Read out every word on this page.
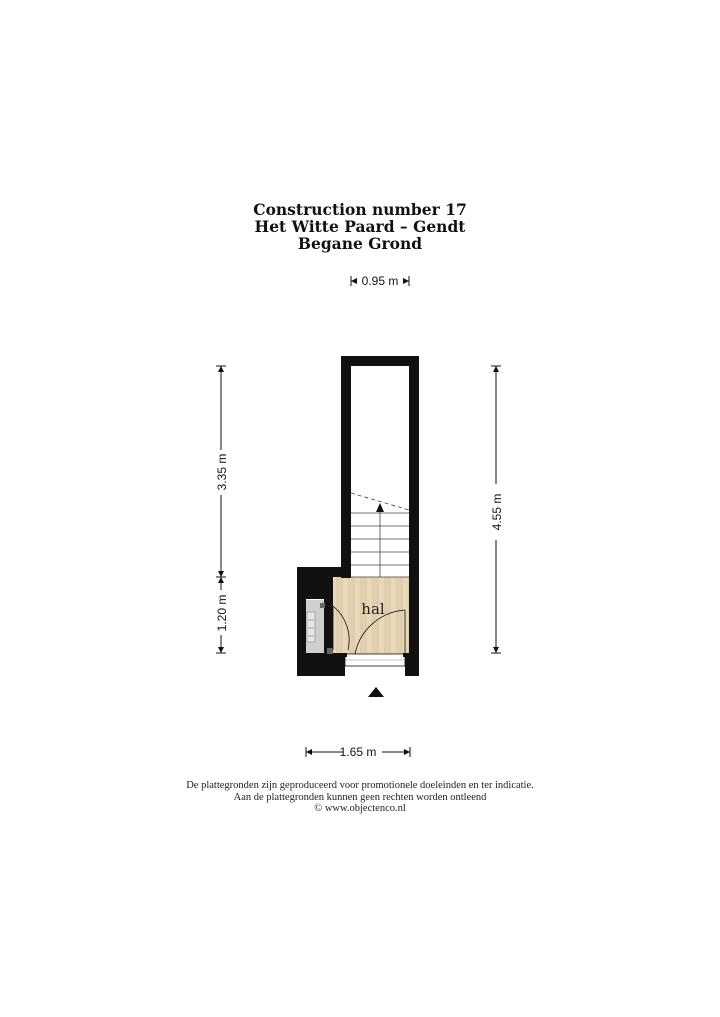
Construction number 17
Het Witte Paard – Gendt
Begane Grond
hal
0.95 m
3.35 m
1.20 m
4.55 m
1.65 m
De plattegronden zijn geproduceerd voor promotionele doeleinden en ter indicatie.
Aan de plattegronden kunnen geen rechten worden ontleend
© www.objectenco.nl
